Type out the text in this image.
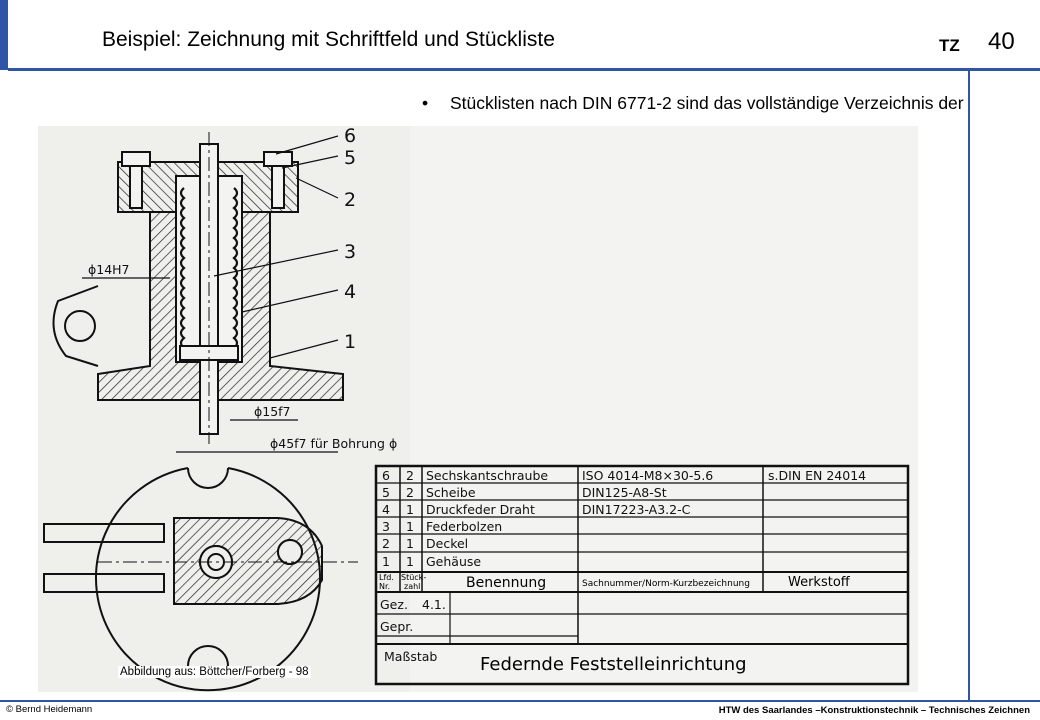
Beispiel: Zeichnung mit Schriftfeld und Stückliste	TZ 40
• Stücklisten nach DIN 6771-2 sind das vollständige Verzeichnis der
•
•
•
6
5
2
3
4
1
ϕ14H7
ϕ15f7
ϕ45f7 für Bohrung ϕ
6 2 Sechskantschraube	ISO 4014-M8×30-5.6	s.DIN EN 24014
5 2 Scheibe	DIN125-A8-St
4 1 Druckfeder Draht	DIN17223-A3.2-C
3 1 Federbolzen
2 1 Deckel
1 1 Gehäuse
Lfd.
Nr.
Stück-
zahl	Benennung	Sachnummer/Norm-Kurzbezeichnung	Werkstoff
Gez. 4.1.
Gepr.
Maßstab Federnde Feststelleinrichtung
Abbildung aus: Böttcher/Forberg - 98
© Bernd Heidemann	HTW des Saarlandes –Konstruktionstechnik – Technisches Zeichnen
